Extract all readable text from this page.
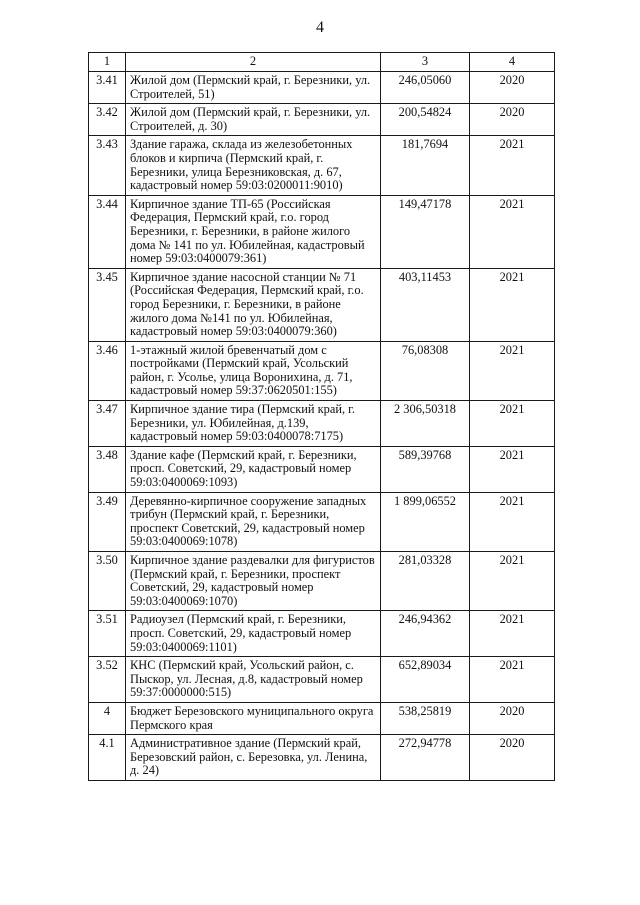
4
1	2	3	4
3.41	Жилой дом (Пермский край, г. Березники, ул. Строителей, 51)	246,05060	2020
3.42	Жилой дом (Пермский край, г. Березники, ул. Строителей, д. 30)	200,54824	2020
3.43	Здание гаража, склада из железобетонных блоков и кирпича (Пермский край, г. Березники, улица Березниковская, д. 67, кадастровый номер 59:03:0200011:9010)	181,7694	2021
3.44	Кирпичное здание ТП-65 (Российская Федерация, Пермский край, г.о. город Березники, г. Березники, в районе жилого дома № 141 по ул. Юбилейная, кадастровый номер 59:03:0400079:361)	149,47178	2021
3.45	Кирпичное здание насосной станции № 71 (Российская Федерация, Пермский край, г.о. город Березники, г. Березники, в районе жилого дома №141 по ул. Юбилейная, кадастровый номер 59:03:0400079:360)	403,11453	2021
3.46	1-этажный жилой бревенчатый дом с постройками (Пермский край, Усольский район, г. Усолье, улица Воронихина, д. 71, кадастровый номер 59:37:0620501:155)	76,08308	2021
3.47	Кирпичное здание тира (Пермский край, г. Березники, ул. Юбилейная, д.139, кадастровый номер 59:03:0400078:7175)	2 306,50318	2021
3.48	Здание кафе (Пермский край, г. Березники, просп. Советский, 29, кадастровый номер 59:03:0400069:1093)	589,39768	2021
3.49	Деревянно-кирпичное сооружение западных трибун (Пермский край, г. Березники, проспект Советский, 29, кадастровый номер 59:03:0400069:1078)	1 899,06552	2021
3.50	Кирпичное здание раздевалки для фигуристов (Пермский край, г. Березники, проспект Советский, 29, кадастровый номер 59:03:0400069:1070)	281,03328	2021
3.51	Радиоузел (Пермский край, г. Березники, просп. Советский, 29, кадастровый номер 59:03:0400069:1101)	246,94362	2021
3.52	КНС (Пермский край, Усольский район, с. Пыскор, ул. Лесная, д.8, кадастровый номер 59:37:0000000:515)	652,89034	2021
4	Бюджет Березовского муниципального округа Пермского края	538,25819	2020
4.1	Административное здание (Пермский край, Березовский район, с. Березовка, ул. Ленина, д. 24)	272,94778	2020
